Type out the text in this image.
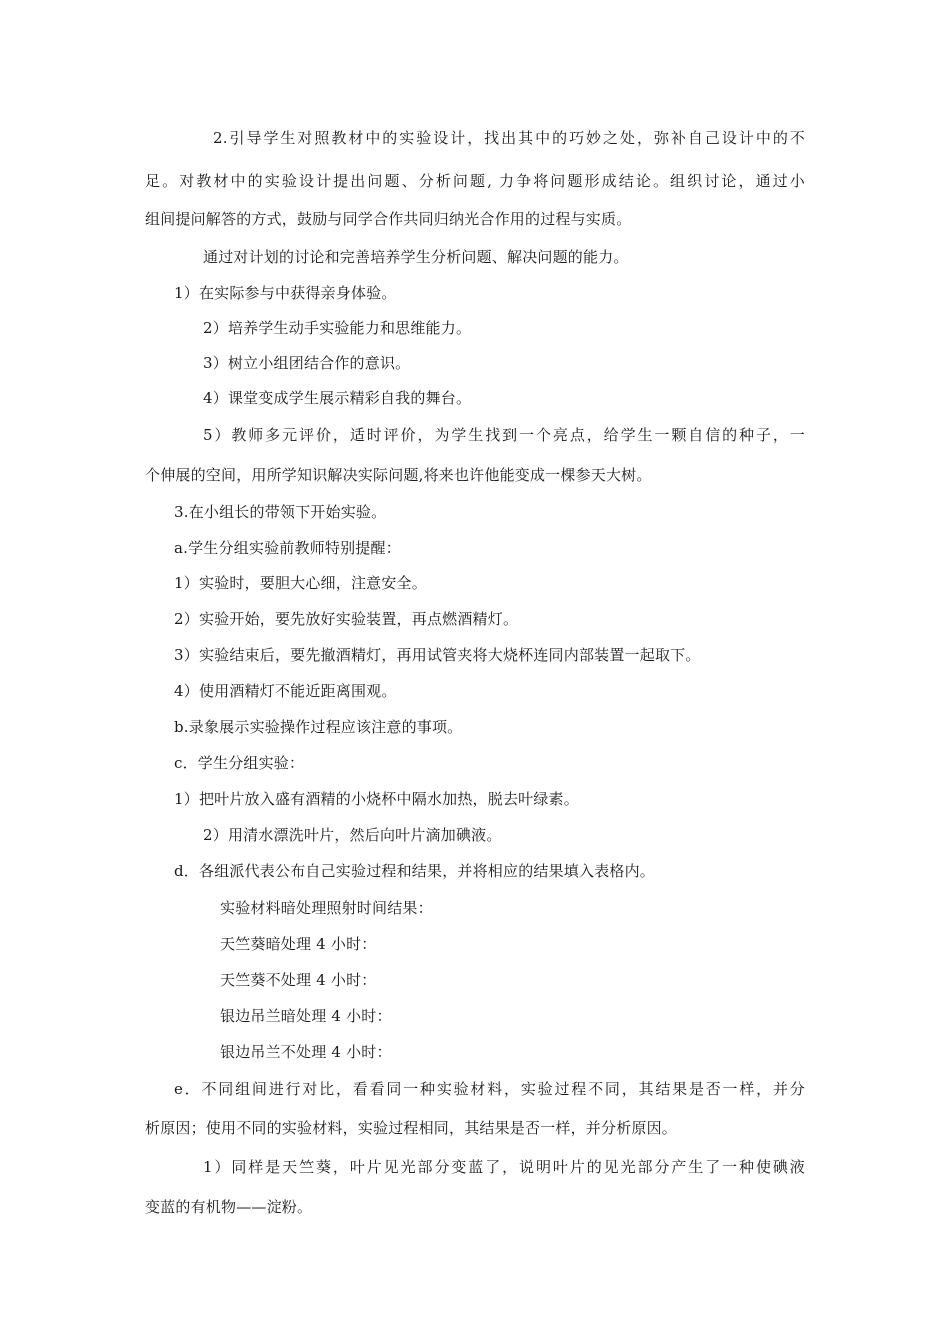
2.引导学生对照教材中的实验设计，找出其中的巧妙之处，弥补自己设计中的不
足。对教材中的实验设计提出问题、分析问题, 力争将问题形成结论。组织讨论，通过小
组间提问解答的方式，鼓励与同学合作共同归纳光合作用的过程与实质。
通过对计划的讨论和完善培养学生分析问题、解决问题的能力。
1）在实际参与中获得亲身体验。
2）培养学生动手实验能力和思维能力。
3）树立小组团结合作的意识。
4）课堂变成学生展示精彩自我的舞台。
5）教师多元评价，适时评价，为学生找到一个亮点，给学生一颗自信的种子，一
个伸展的空间，用所学知识解决实际问题,将来也许他能变成一棵参天大树。
3.在小组长的带领下开始实验。
a.学生分组实验前教师特别提醒：
1）实验时，要胆大心细，注意安全。
2）实验开始，要先放好实验装置，再点燃酒精灯。
3）实验结束后，要先撤酒精灯，再用试管夹将大烧杯连同内部装置一起取下。
4）使用酒精灯不能近距离围观。
b.录象展示实验操作过程应该注意的事项。
c．学生分组实验：
1）把叶片放入盛有酒精的小烧杯中隔水加热，脱去叶绿素。
2）用清水漂洗叶片，然后向叶片滴加碘液。
d．各组派代表公布自己实验过程和结果，并将相应的结果填入表格内。
实验材料暗处理照射时间结果：
天竺葵暗处理 4 小时：
天竺葵不处理 4 小时：
银边吊兰暗处理 4 小时：
银边吊兰不处理 4 小时：
e．不同组间进行对比，看看同一种实验材料，实验过程不同，其结果是否一样，并分
析原因；使用不同的实验材料，实验过程相同，其结果是否一样，并分析原因。
1）同样是天竺葵，叶片见光部分变蓝了，说明叶片的见光部分产生了一种使碘液
变蓝的有机物——淀粉。
